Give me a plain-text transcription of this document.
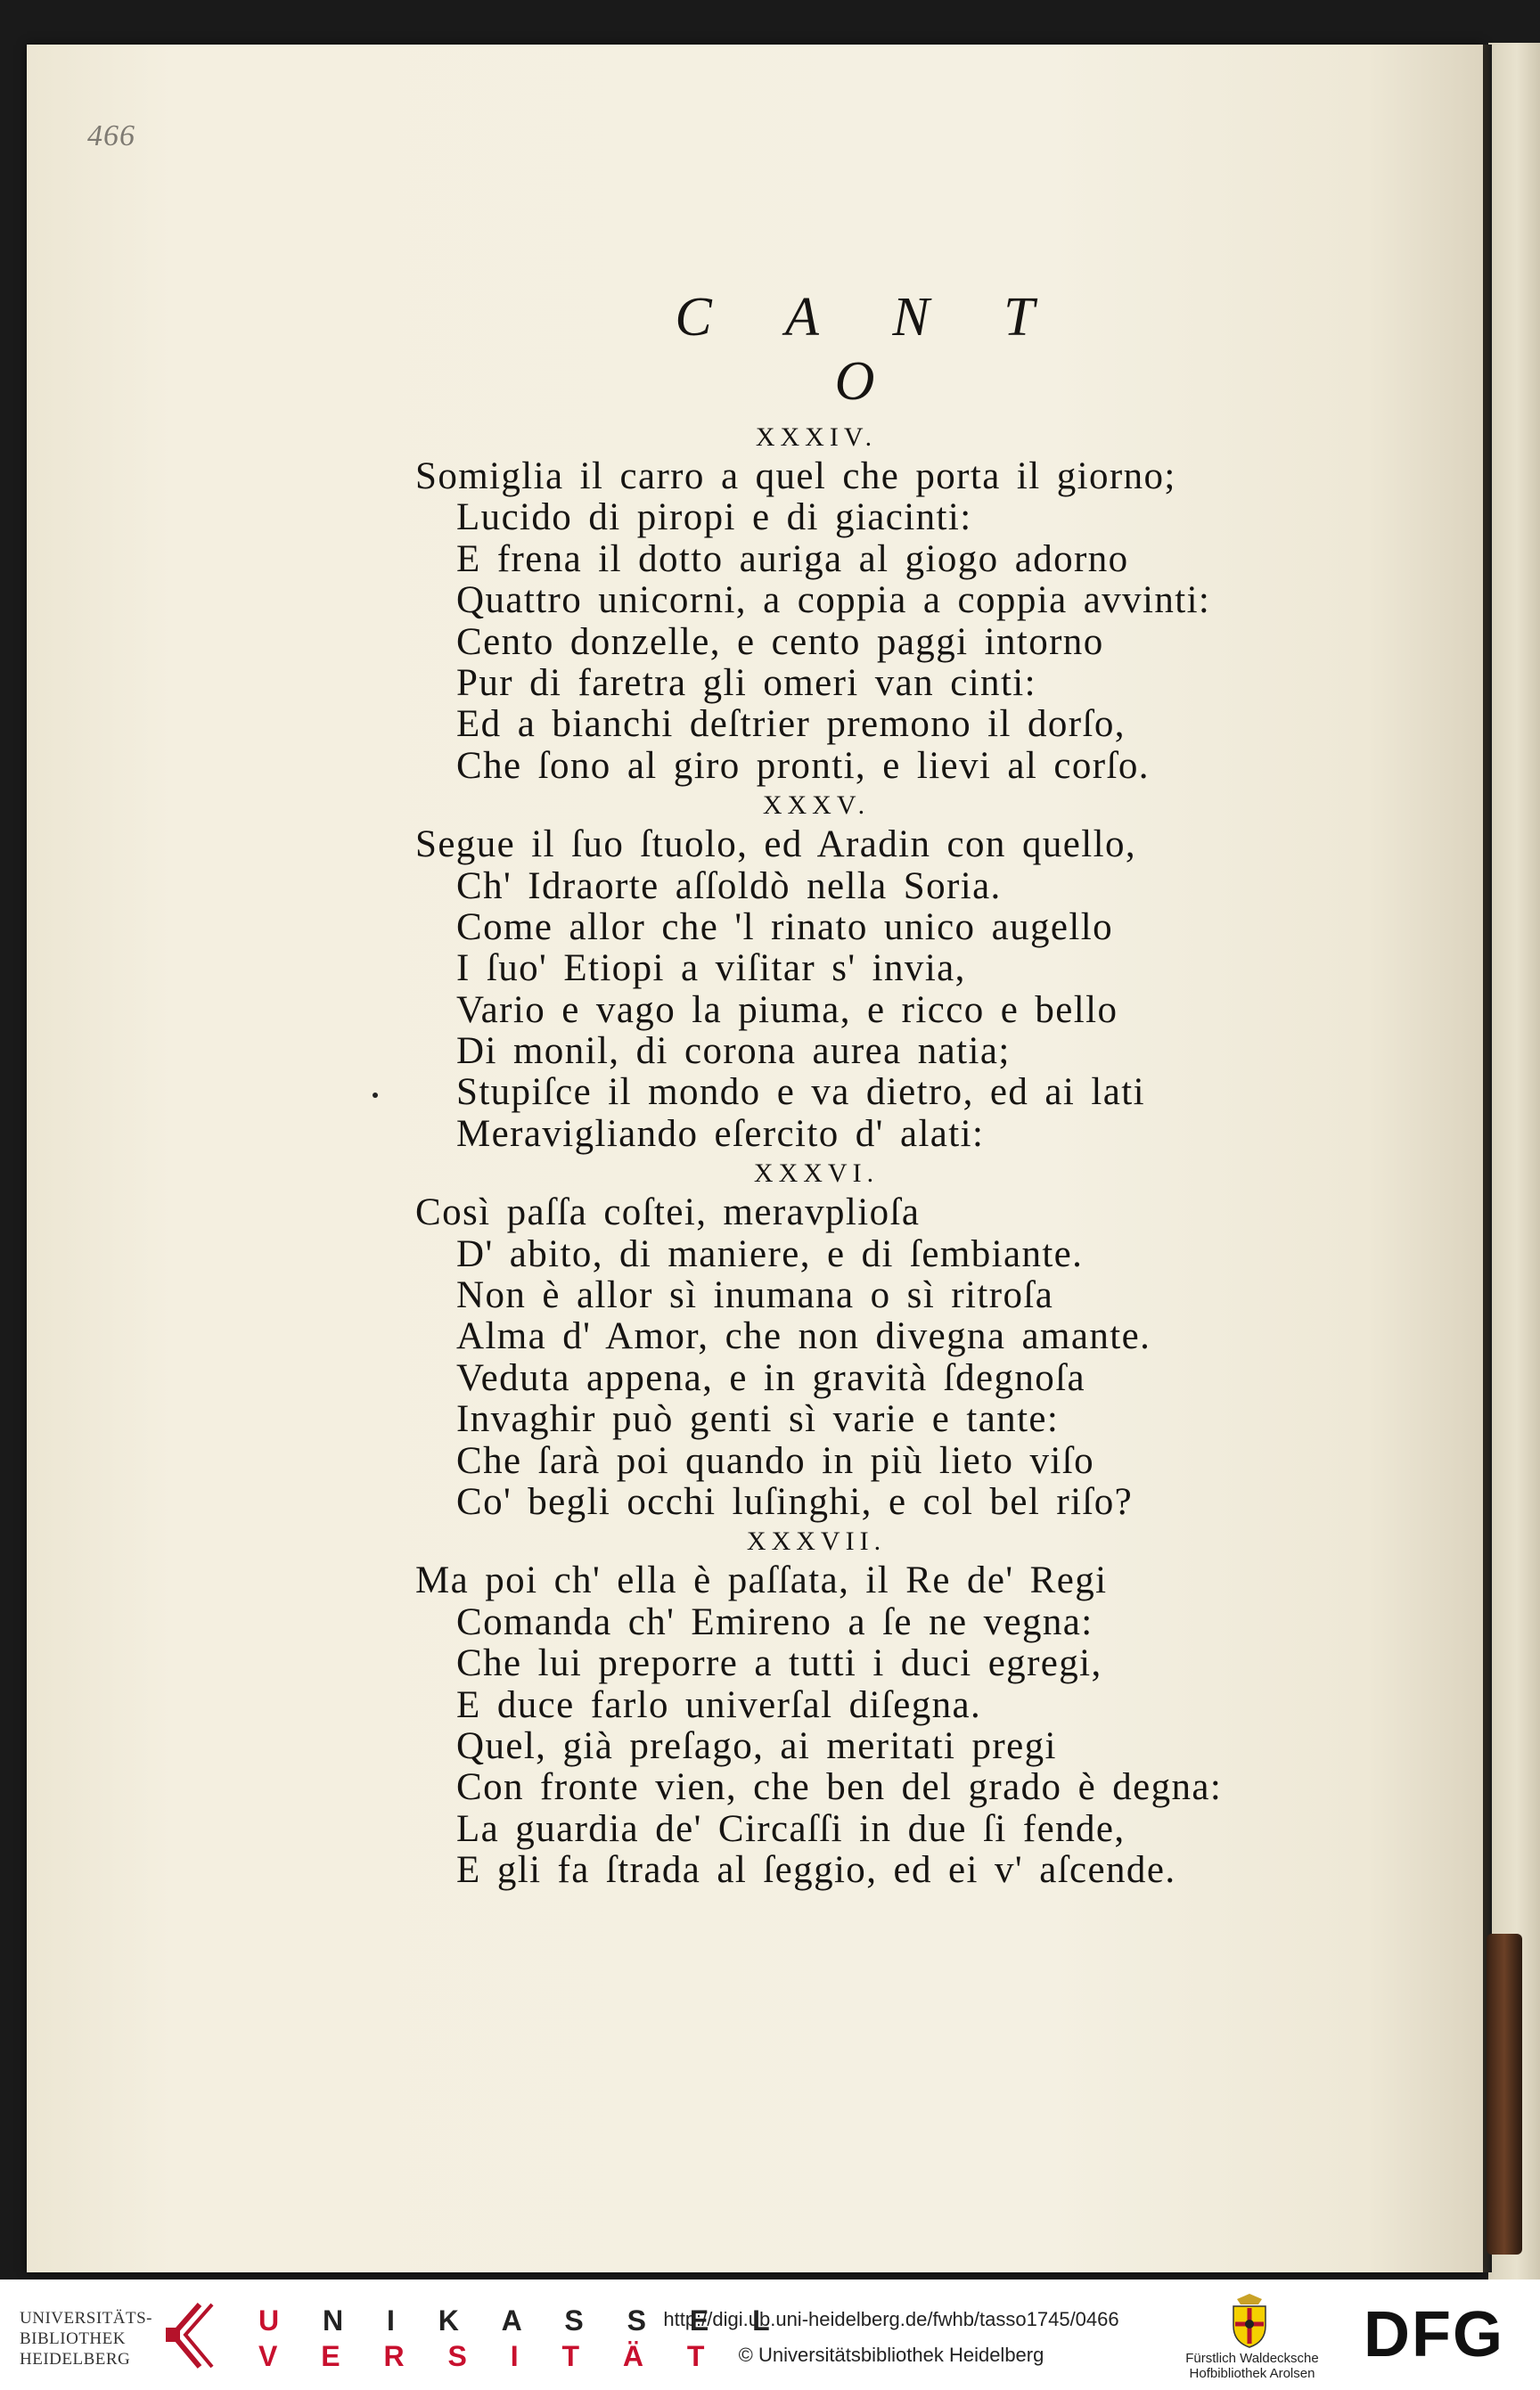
466
C A N T O
XXXIV.
Somiglia il carro a quel che porta il giorno;
Lucido di piropi e di giacinti:
E frena il dotto auriga al giogo adorno
Quattro unicorni, a coppia a coppia avvinti:
Cento donzelle, e cento paggi intorno
Pur di faretra gli omeri van cinti:
Ed a bianchi deſtrier premono il dorſo,
Che ſono al giro pronti, e lievi al corſo.
XXXV.
Segue il ſuo ſtuolo, ed Aradin con quello,
Ch' Idraorte aſſoldò nella Soria.
Come allor che 'l rinato unico augello
I ſuo' Etiopi a viſitar s' invia,
Vario e vago la piuma, e ricco e bello
Di monil, di corona aurea natia;
Stupiſce il mondo e va dietro, ed ai lati
Meravigliando eſercito d' alati:
XXXVI.
Così paſſa coſtei, meravplioſa
D' abito, di maniere, e di ſembiante.
Non è allor sì inumana o sì ritroſa
Alma d' Amor, che non divegna amante.
Veduta appena, e in gravità ſdegnoſa
Invaghir può genti sì varie e tante:
Che ſarà poi quando in più lieto viſo
Co' begli occhi luſinghi, e col bel riſo?
XXXVII.
Ma poi ch' ella è paſſata, il Re de' Regi
Comanda ch' Emireno a ſe ne vegna:
Che lui preporre a tutti i duci egregi,
E duce farlo univerſal diſegna.
Quel, già preſago, ai meritati pregi
Con fronte vien, che ben del grado è degna:
La guardia de' Circaſſi in due ſi fende,
E gli fa ſtrada al ſeggio, ed ei v' aſcende.
UNIVERSITÄTS-
BIBLIOTHEK
HEIDELBERG
U N I K A S S E L
V E R S I T Ä T
http://digi.ub.uni-heidelberg.de/fwhb/tasso1745/0466
© Universitätsbibliothek Heidelberg	Fürstlich Waldecksche
Hofbibliothek Arolsen
DFG
